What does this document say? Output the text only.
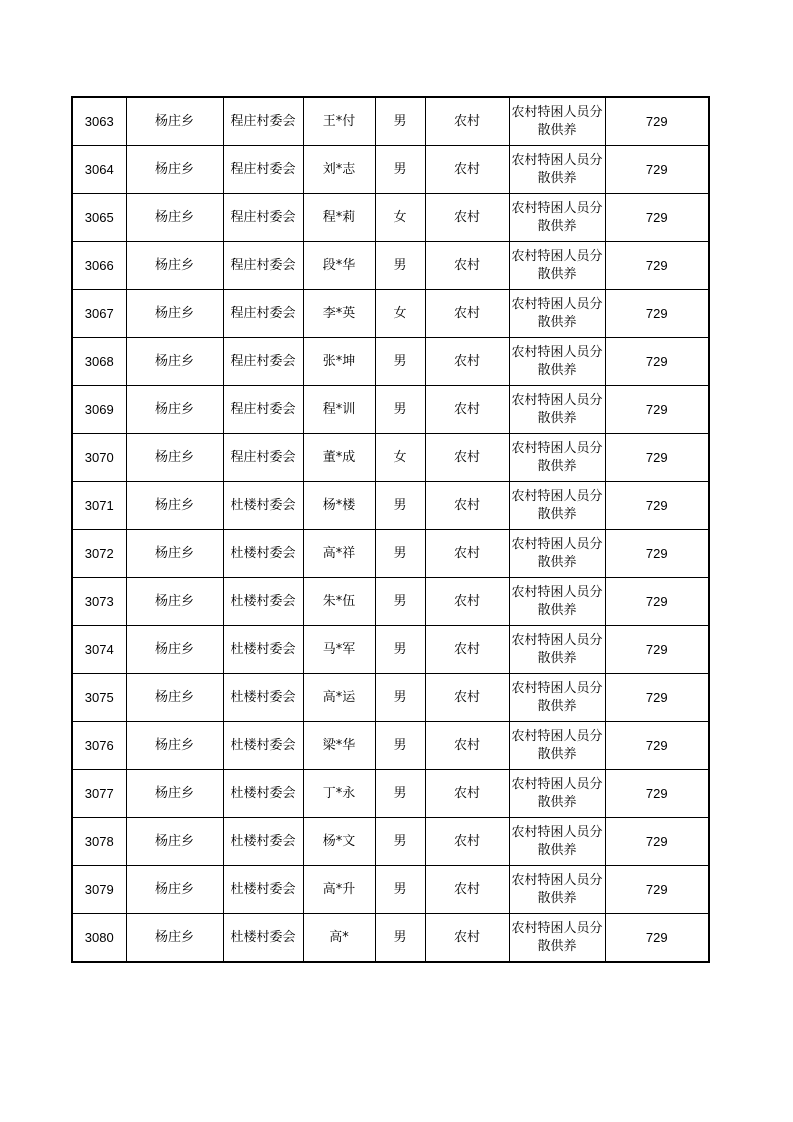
3063	杨庄乡	程庄村委会	王*付	男	农村	农村特困人员分散供养	729
3064	杨庄乡	程庄村委会	刘*志	男	农村	农村特困人员分散供养	729
3065	杨庄乡	程庄村委会	程*莉	女	农村	农村特困人员分散供养	729
3066	杨庄乡	程庄村委会	段*华	男	农村	农村特困人员分散供养	729
3067	杨庄乡	程庄村委会	李*英	女	农村	农村特困人员分散供养	729
3068	杨庄乡	程庄村委会	张*坤	男	农村	农村特困人员分散供养	729
3069	杨庄乡	程庄村委会	程*训	男	农村	农村特困人员分散供养	729
3070	杨庄乡	程庄村委会	董*成	女	农村	农村特困人员分散供养	729
3071	杨庄乡	杜楼村委会	杨*楼	男	农村	农村特困人员分散供养	729
3072	杨庄乡	杜楼村委会	高*祥	男	农村	农村特困人员分散供养	729
3073	杨庄乡	杜楼村委会	朱*伍	男	农村	农村特困人员分散供养	729
3074	杨庄乡	杜楼村委会	马*军	男	农村	农村特困人员分散供养	729
3075	杨庄乡	杜楼村委会	高*运	男	农村	农村特困人员分散供养	729
3076	杨庄乡	杜楼村委会	梁*华	男	农村	农村特困人员分散供养	729
3077	杨庄乡	杜楼村委会	丁*永	男	农村	农村特困人员分散供养	729
3078	杨庄乡	杜楼村委会	杨*文	男	农村	农村特困人员分散供养	729
3079	杨庄乡	杜楼村委会	高*升	男	农村	农村特困人员分散供养	729
3080	杨庄乡	杜楼村委会	高*	男	农村	农村特困人员分散供养	729
